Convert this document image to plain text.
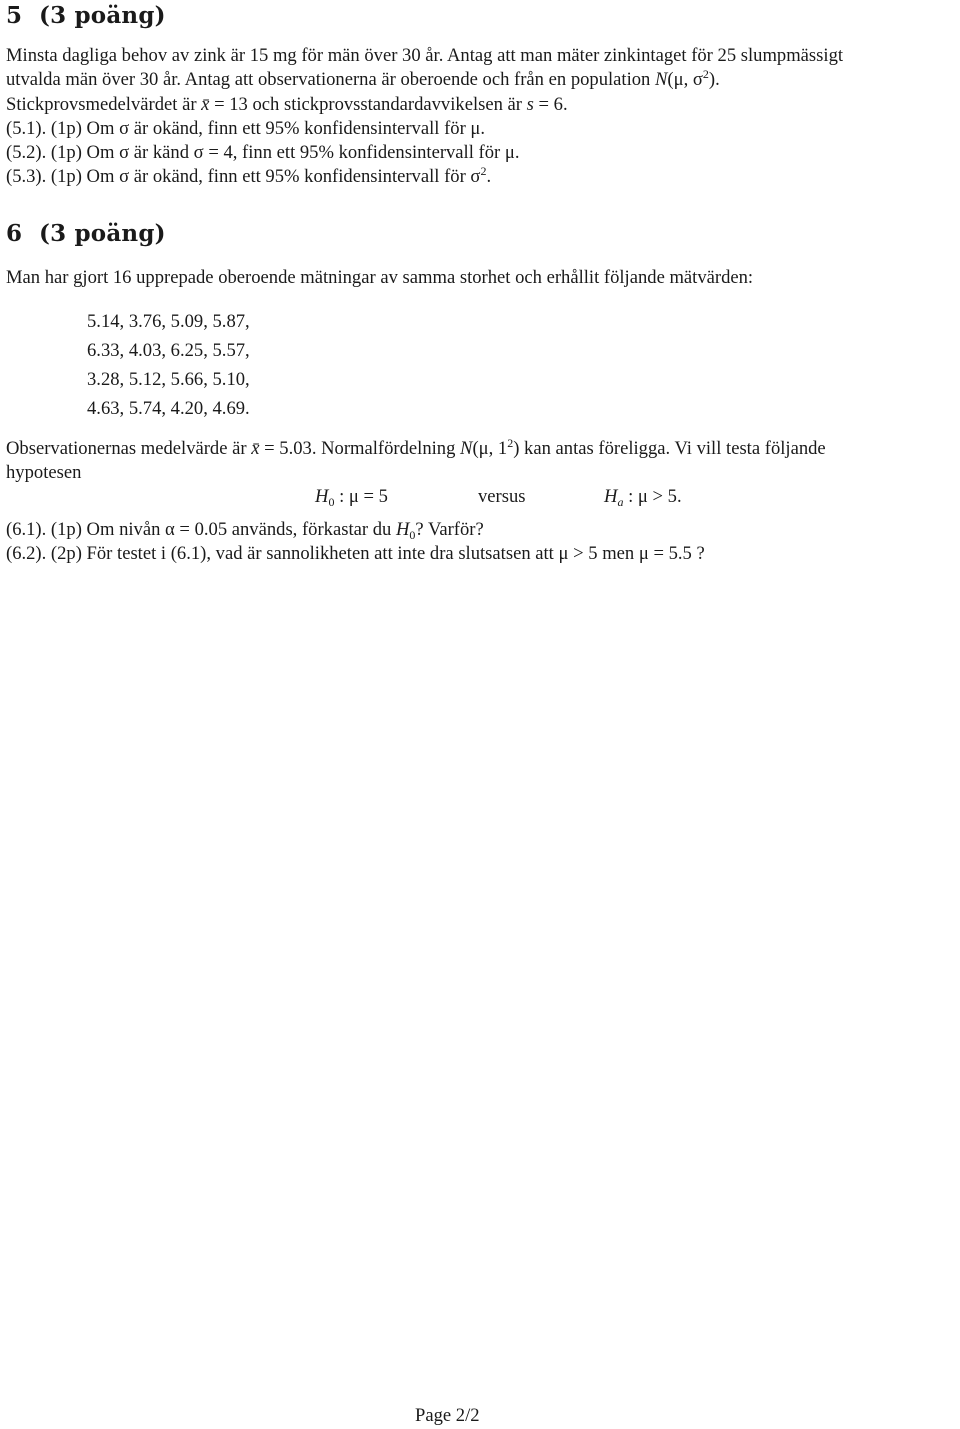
5 (3 poäng)
Minsta dagliga behov av zink är 15 mg för män över 30 år. Antag att man mäter zinkintaget för 25 slumpmässigt
utvalda män över 30 år. Antag att observationerna är oberoende och från en population N(μ, $\sigma^2$).
Stickprovsmedelvärdet är x̄ = 13 och stickprovsstandardavvikelsen är s = 6.
(5.1). (1p) Om σ är okänd, finn ett 95% konfidensintervall för μ.
(5.2). (1p) Om σ är känd σ = 4, finn ett 95% konfidensintervall för μ.
(5.3). (1p) Om σ är okänd, finn ett 95% konfidensintervall för $\sigma^2$.
6 (3 poäng)
Man har gjort 16 upprepade oberoende mätningar av samma storhet och erhållit följande mätvärden:
5.14, 3.76, 5.09, 5.87,
6.33, 4.03, 6.25, 5.57,
3.28, 5.12, 5.66, 5.10,
4.63, 5.74, 4.20, 4.69.
Observationernas medelvärde är x̄ = 5.03. Normalfördelning N(μ, $1^2$) kan antas föreligga. Vi vill testa följande
hypotesen
$H_0$ : μ = 5	versus	$H_a$ : μ > 5.
(6.1). (1p) Om nivån α = 0.05 används, förkastar du $H_0$? Varför?
(6.2). (2p) För testet i (6.1), vad är sannolikheten att inte dra slutsatsen att μ > 5 men μ = 5.5 ?
Page 2/2
